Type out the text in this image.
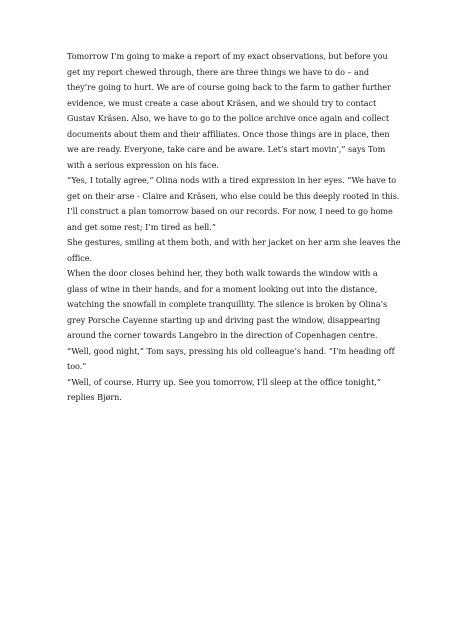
Tomorrow I’m going to make a report of my exact observations, but before you
get my report chewed through, there are three things we have to do – and
they’re going to hurt. We are of course going back to the farm to gather further
evidence, we must create a case about Kräsen, and we should try to contact
Gustav Kräsen. Also, we have to go to the police archive once again and collect
documents about them and their affiliates. Once those things are in place, then
we are ready. Everyone, take care and be aware. Let’s start movin’,” says Tom
with a serious expression on his face.
“Yes, I totally agree,” Olina nods with a tired expression in her eyes. “We have to
get on their arse - Claire and Kräsen, who else could be this deeply rooted in this.
I’ll construct a plan tomorrow based on our records. For now, I need to go home
and get some rest; I’m tired as hell.”
She gestures, smiling at them both, and with her jacket on her arm she leaves the
office.
When the door closes behind her, they both walk towards the window with a
glass of wine in their hands, and for a moment looking out into the distance,
watching the snowfall in complete tranquillity. The silence is broken by Olina’s
grey Porsche Cayenne starting up and driving past the window, disappearing
around the corner towards Langebro in the direction of Copenhagen centre.
“Well, good night,” Tom says, pressing his old colleague’s hand. “I’m heading off
too.”
“Well, of course. Hurry up. See you tomorrow, I’ll sleep at the office tonight,”
replies Bjørn.
